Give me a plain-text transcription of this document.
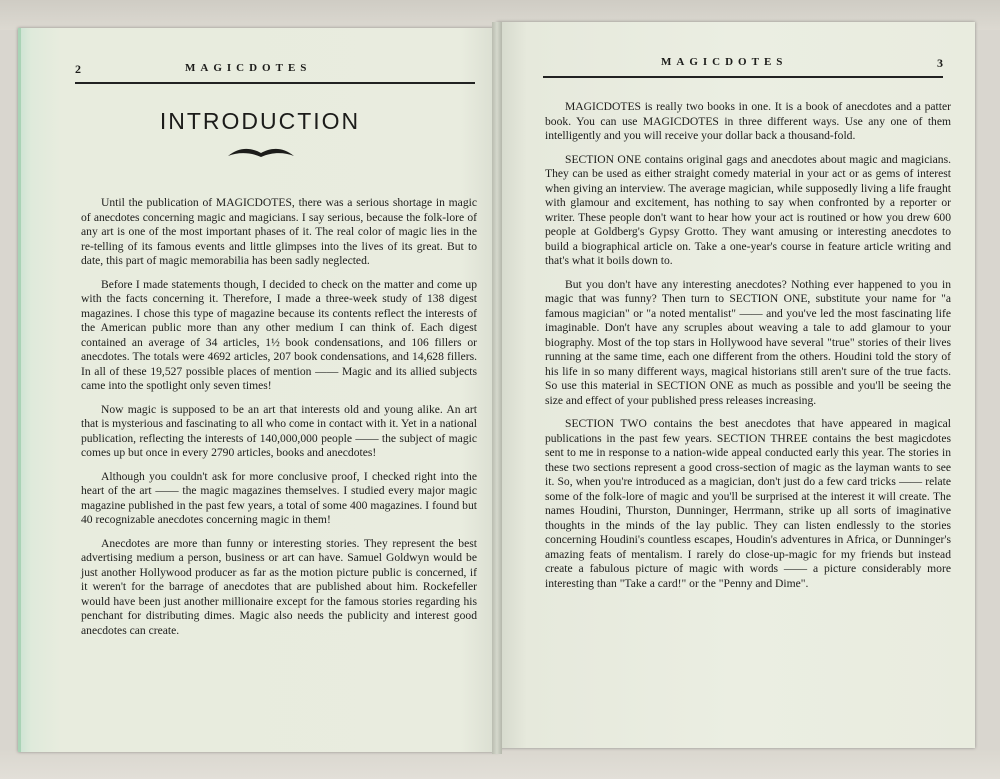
2	MAGICDOTES
INTRODUCTION

Until the publication of MAGICDOTES, there was a serious shortage in magic of anecdotes concerning magic and magicians. I say serious, because the folk-lore of any art is one of the most important phases of it. The real color of magic lies in the re-telling of its famous events and little glimpses into the lives of its great. But to date, this part of magic memorabilia has been sadly neglected.

Before I made statements though, I decided to check on the matter and come up with the facts concerning it. Therefore, I made a three-week study of 138 digest magazines. I chose this type of magazine because its contents reflect the interests of the American public more than any other medium I can think of. Each digest contained an average of 34 articles, 1½ book condensations, and 106 fillers or anecdotes. The totals were 4692 articles, 207 book condensations, and 14,628 fillers. In all of these 19,527 possible places of mention —— Magic and its allied subjects came into the spotlight only seven times!

Now magic is supposed to be an art that interests old and young alike. An art that is mysterious and fascinating to all who come in contact with it. Yet in a national publication, reflecting the interests of 140,000,000 people —— the subject of magic comes up but once in every 2790 articles, books and anecdotes!

Although you couldn't ask for more conclusive proof, I checked right into the heart of the art —— the magic magazines themselves. I studied every major magic magazine published in the past few years, a total of some 400 magazines. I found but 40 recognizable anecdotes concerning magic in them!

Anecdotes are more than funny or interesting stories. They represent the best advertising medium a person, business or art can have. Samuel Goldwyn would be just another Hollywood producer as far as the motion picture public is concerned, if it weren't for the barrage of anecdotes that are published about him. Rockefeller would have been just another millionaire except for the famous stories regarding his penchant for distributing dimes. Magic also needs the publicity and interest good anecdotes can create.

MAGICDOTES	3

MAGICDOTES is really two books in one. It is a book of anecdotes and a patter book. You can use MAGICDOTES in three different ways. Use any one of them intelligently and you will receive your dollar back a thousand-fold.

SECTION ONE contains original gags and anecdotes about magic and magicians. They can be used as either straight comedy material in your act or as gems of interest when giving an interview. The average magician, while supposedly living a life fraught with glamour and excitement, has nothing to say when confronted by a reporter or writer. These people don't want to hear how your act is routined or how you drew 600 people at Goldberg's Gypsy Grotto. They want amusing or interesting anecdotes to build a biographical article on. Take a one-year's course in feature article writing and that's what it boils down to.

But you don't have any interesting anecdotes? Nothing ever happened to you in magic that was funny? Then turn to SECTION ONE, substitute your name for "a famous magician" or "a noted mentalist" —— and you've led the most fascinating life imaginable. Don't have any scruples about weaving a tale to add glamour to your biography. Most of the top stars in Hollywood have several "true" stories of their lives running at the same time, each one different from the others. Houdini told the story of his life in so many different ways, magical historians still aren't sure of the true facts. So use this material in SECTION ONE as much as possible and you'll be seeing the size and effect of your published press releases increasing.

SECTION TWO contains the best anecdotes that have appeared in magical publications in the past few years. SECTION THREE contains the best magicdotes sent to me in response to a nation-wide appeal conducted early this year. The stories in these two sections represent a good cross-section of magic as the layman wants to see it. So, when you're introduced as a magician, don't just do a few card tricks —— relate some of the folk-lore of magic and you'll be surprised at the interest it will create. The names Houdini, Thurston, Dunninger, Herrmann, strike up all sorts of imaginative thoughts in the minds of the lay public. They can listen endlessly to the stories concerning Houdini's countless escapes, Houdin's adventures in Africa, or Dunninger's amazing feats of mentalism. I rarely do close-up-magic for my friends but instead create a fabulous picture of magic with words —— a picture considerably more interesting than "Take a card!" or the "Penny and Dime".
